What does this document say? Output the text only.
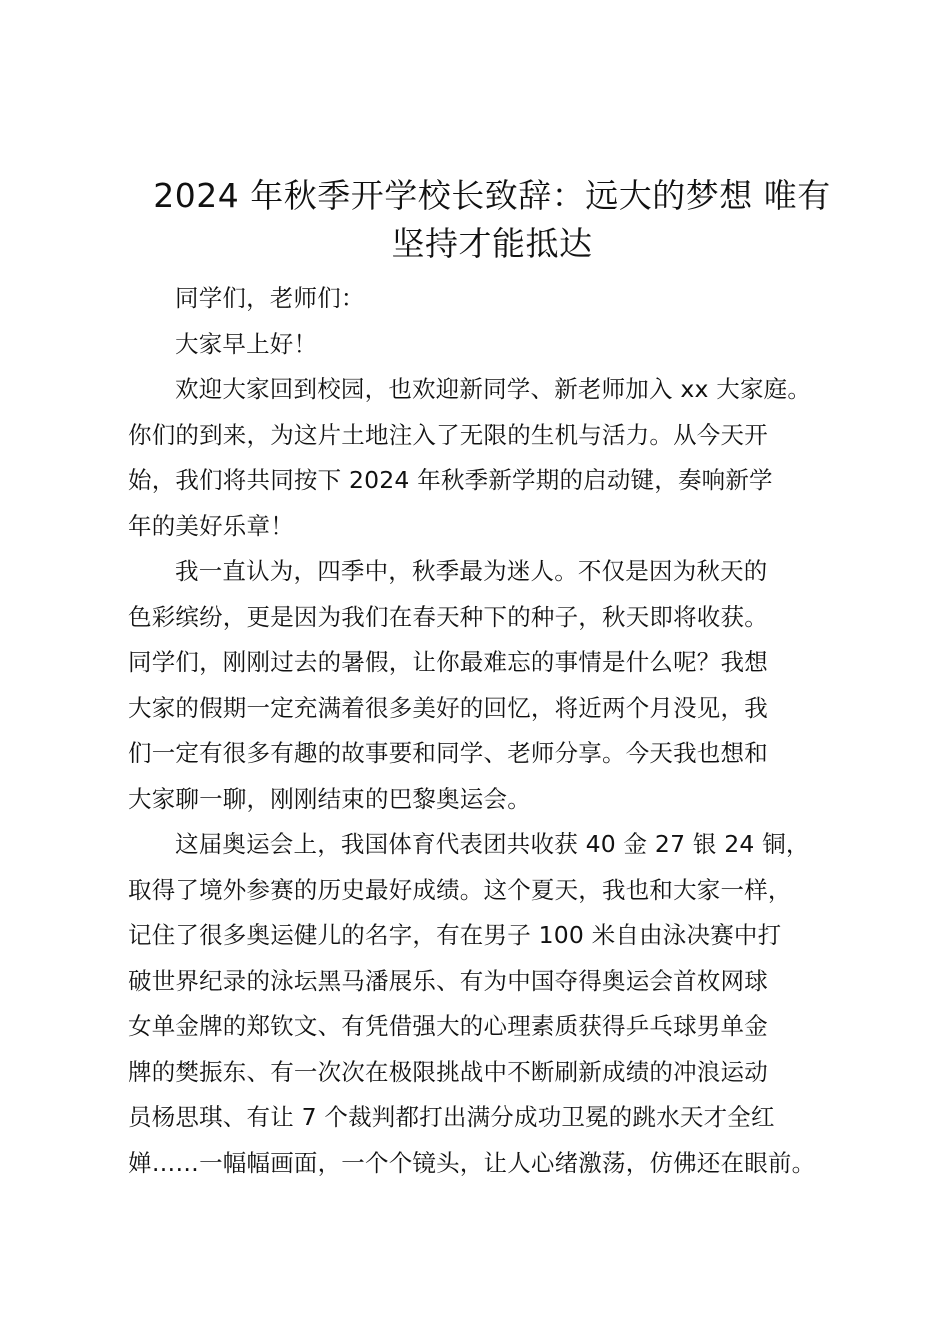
2024 年秋季开学校长致辞：远大的梦想 唯有
坚持才能抵达

同学们，老师们：

大家早上好！

欢迎大家回到校园，也欢迎新同学、新老师加入 xx 大家庭。
你们的到来，为这片土地注入了无限的生机与活力。从今天开
始，我们将共同按下 2024 年秋季新学期的启动键，奏响新学
年的美好乐章！

我一直认为，四季中，秋季最为迷人。不仅是因为秋天的
色彩缤纷，更是因为我们在春天种下的种子，秋天即将收获。
同学们，刚刚过去的暑假，让你最难忘的事情是什么呢？我想
大家的假期一定充满着很多美好的回忆，将近两个月没见，我
们一定有很多有趣的故事要和同学、老师分享。今天我也想和
大家聊一聊，刚刚结束的巴黎奥运会。

这届奥运会上，我国体育代表团共收获 40 金 27 银 24 铜，
取得了境外参赛的历史最好成绩。这个夏天，我也和大家一样，
记住了很多奥运健儿的名字，有在男子 100 米自由泳决赛中打
破世界纪录的泳坛黑马潘展乐、有为中国夺得奥运会首枚网球
女单金牌的郑钦文、有凭借强大的心理素质获得乒乓球男单金
牌的樊振东、有一次次在极限挑战中不断刷新成绩的冲浪运动
员杨思琪、有让 7 个裁判都打出满分成功卫冕的跳水天才全红
婵……一幅幅画面，一个个镜头，让人心绪激荡，仿佛还在眼前。
